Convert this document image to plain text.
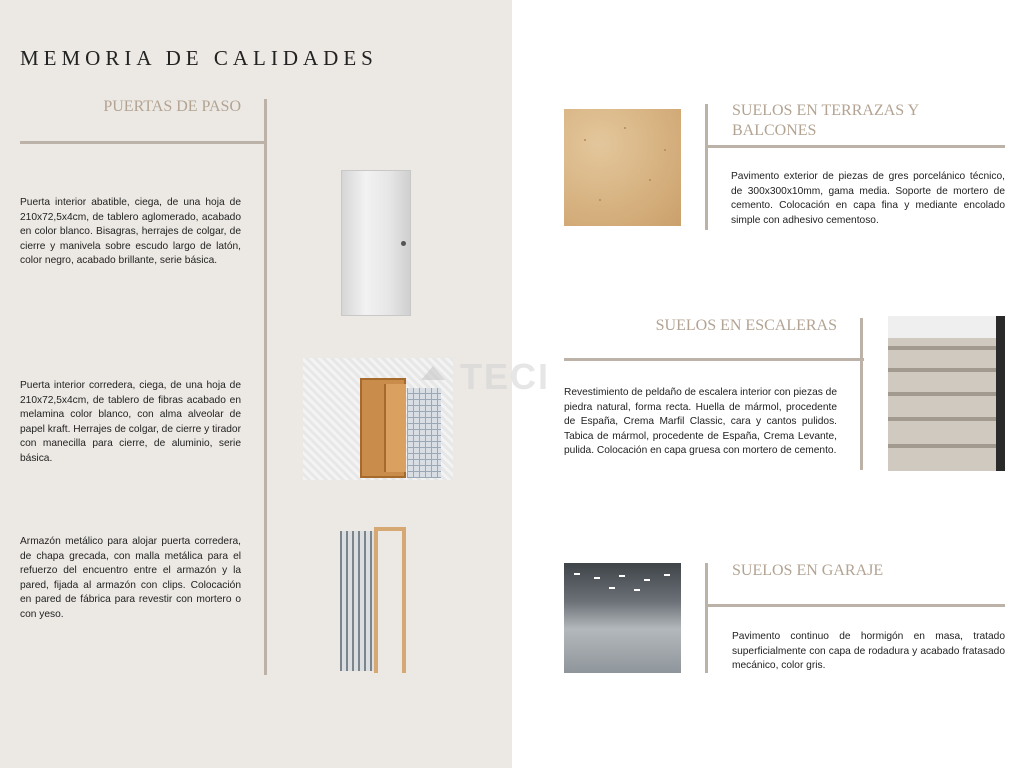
MEMORIA DE CALIDADES
PUERTAS DE PASO
Puerta interior abatible, ciega, de una hoja de 210x72,5x4cm, de tablero aglomerado, acabado en color blanco. Bisagras, herrajes de colgar, de cierre y manivela sobre escudo largo de latón, color negro, acabado brillante, serie básica.
Puerta interior corredera, ciega, de una hoja de 210x72,5x4cm, de tablero de fibras acabado en melamina color blanco, con alma alveolar de papel kraft. Herrajes de colgar, de cierre y tirador con manecilla para cierre, de aluminio, serie básica.
Armazón metálico para alojar puerta corredera, de chapa grecada, con malla metálica para el refuerzo del encuentro entre el armazón y la pared, fijada al armazón con clips. Colocación en pared de fábrica para revestir con mortero o con yeso.
TECI
SUELOS EN TERRAZAS Y BALCONES
Pavimento exterior de piezas de gres porcelánico técnico, de 300x300x10mm, gama media. Soporte de mortero de cemento. Colocación en capa fina y mediante encolado simple con adhesivo cementoso.
SUELOS EN ESCALERAS
Revestimiento de peldaño de escalera interior con piezas de piedra natural, forma recta. Huella de mármol, procedente de España, Crema Marfil Classic, cara y cantos pulidos. Tabica de mármol, procedente de España, Crema Levante, pulida. Colocación en capa gruesa con mortero de cemento.
SUELOS EN GARAJE
Pavimento continuo de hormigón en masa, tratado superficialmente con capa de rodadura y acabado fratasado mecánico, color gris.
